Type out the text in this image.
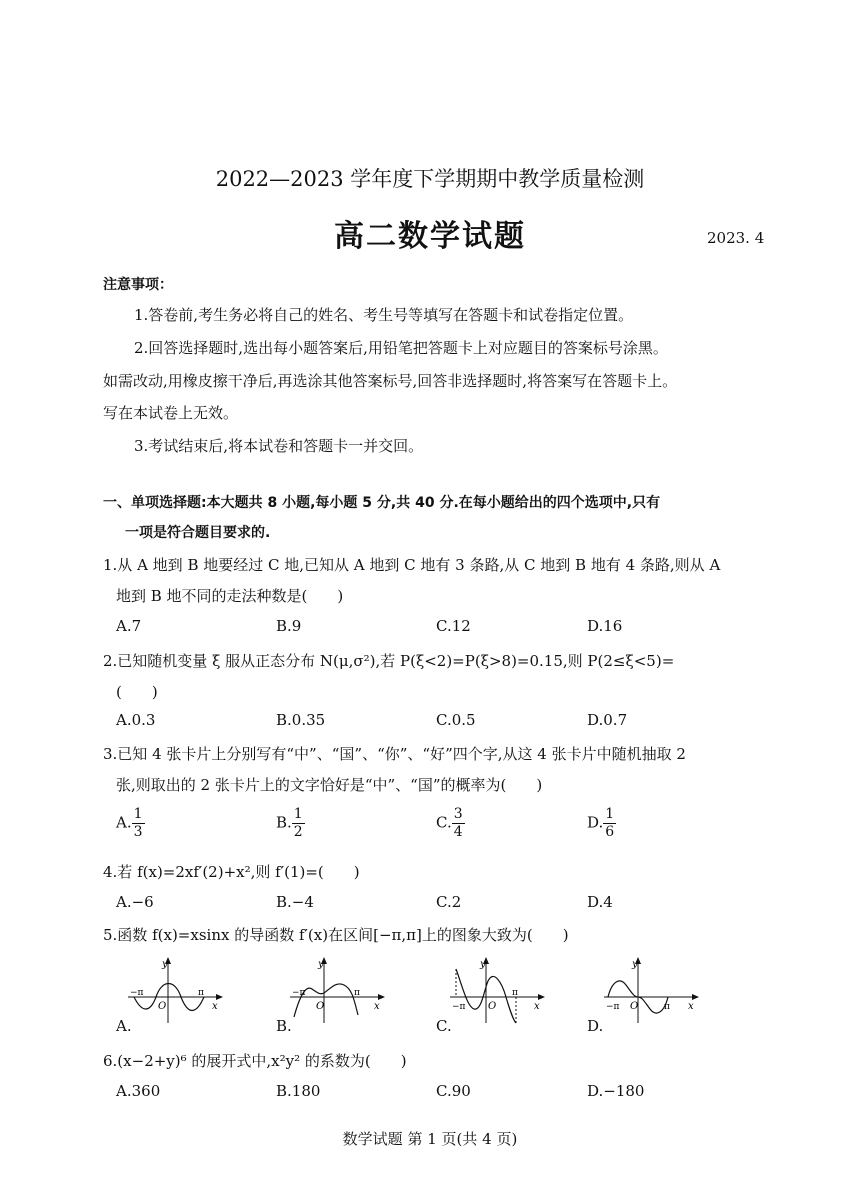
2022—2023 学年度下学期期中教学质量检测
高二数学试题	2023. 4
注意事项：
1.答卷前,考生务必将自己的姓名、考生号等填写在答题卡和试卷指定位置。
2.回答选择题时,选出每小题答案后,用铅笔把答题卡上对应题目的答案标号涂黑。
如需改动,用橡皮擦干净后,再选涂其他答案标号,回答非选择题时,将答案写在答题卡上。
写在本试卷上无效。
3.考试结束后,将本试卷和答题卡一并交回。
一、单项选择题:本大题共 8 小题,每小题 5 分,共 40 分.在每小题给出的四个选项中,只有
一项是符合题目要求的.
1.从 A 地到 B 地要经过 C 地,已知从 A 地到 C 地有 3 条路,从 C 地到 B 地有 4 条路,则从 A
地到 B 地不同的走法种数是(　　)
A.7	B.9	C.12	D.16
2.已知随机变量 ξ 服从正态分布 N(μ,σ²),若 P(ξ<2)=P(ξ>8)=0.15,则 P(2≤ξ<5)=
(　　)
A.0.3	B.0.35	C.0.5	D.0.7
3.已知 4 张卡片上分别写有“中”、“国”、“你”、“好”四个字,从这 4 张卡片中随机抽取 2
张,则取出的 2 张卡片上的文字恰好是“中”、“国”的概率为(　　)
A. $\frac{1}{3}$	B. $\frac{1}{2}$	C. $\frac{3}{4}$	D. $\frac{1}{6}$
4.若 f(x)=2xf′(2)+x²,则 f′(1)=(　　)
A.−6	B.−4	C.2	D.4
5.函数 f(x)=xsinx 的导函数 f′(x)在区间[−π,π]上的图象大致为(　　)
y
x
O
−π	π
A.
y
x
O
−π	π
B.
y
x
O
−π
π
C.
y
x
O
−π	π
D.
6.(x−2+y)⁶ 的展开式中,x²y² 的系数为(　　)
A.360	B.180	C.90	D.−180
数学试题 第 1 页(共 4 页)
